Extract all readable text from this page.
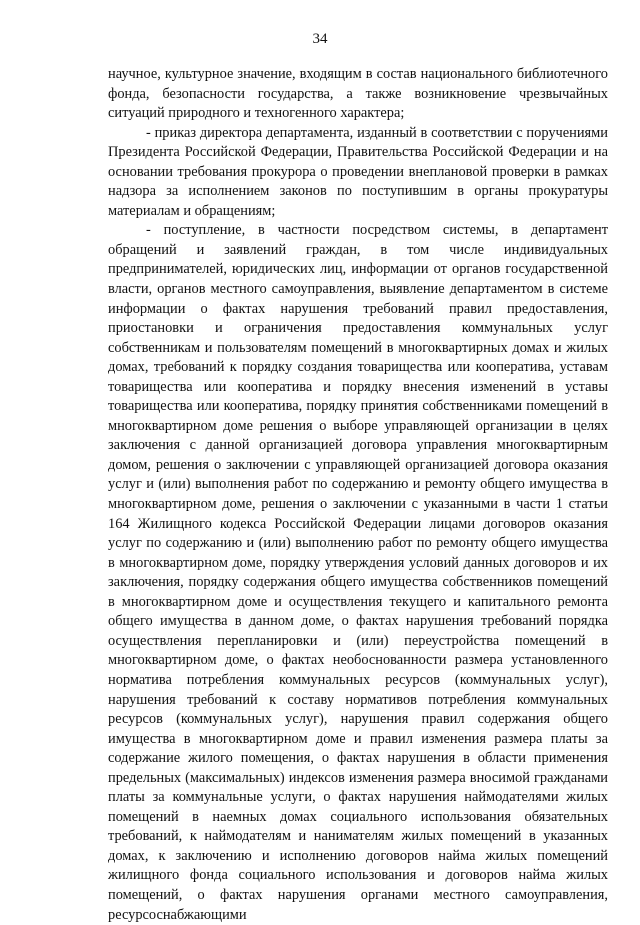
34

научное, культурное значение, входящим в состав национального библиотечного фонда, безопасности государства, а также возникновение чрезвычайных ситуаций природного и техногенного характера;

- приказ директора департамента, изданный в соответствии с поручениями Президента Российской Федерации, Правительства Российской Федерации и на основании требования прокурора о проведении внеплановой проверки в рамках надзора за исполнением законов по поступившим в органы прокуратуры материалам и обращениям;

- поступление, в частности посредством системы, в департамент обращений и заявлений граждан, в том числе индивидуальных предпринимателей, юридических лиц, информации от органов государственной власти, органов местного самоуправления, выявление департаментом в системе информации о фактах нарушения требований правил предоставления, приостановки и ограничения предоставления коммунальных услуг собственникам и пользователям помещений в многоквартирных домах и жилых домах, требований к порядку создания товарищества или кооператива, уставам товарищества или кооператива и порядку внесения изменений в уставы товарищества или кооператива, порядку принятия собственниками помещений в многоквартирном доме решения о выборе управляющей организации в целях заключения с данной организацией договора управления многоквартирным домом, решения о заключении с управляющей организацией договора оказания услуг и (или) выполнения работ по содержанию и ремонту общего имущества в многоквартирном доме, решения о заключении с указанными в части 1 статьи 164 Жилищного кодекса Российской Федерации лицами договоров оказания услуг по содержанию и (или) выполнению работ по ремонту общего имущества в многоквартирном доме, порядку утверждения условий данных договоров и их заключения, порядку содержания общего имущества собственников помещений в многоквартирном доме и осуществления текущего и капитального ремонта общего имущества в данном доме, о фактах нарушения требований порядка осуществления перепланировки и (или) переустройства помещений в многоквартирном доме, о фактах необоснованности размера установленного норматива потребления коммунальных ресурсов (коммунальных услуг), нарушения требований к составу нормативов потребления коммунальных ресурсов (коммунальных услуг), нарушения правил содержания общего имущества в многоквартирном доме и правил изменения размера платы за содержание жилого помещения, о фактах нарушения в области применения предельных (максимальных) индексов изменения размера вносимой гражданами платы за коммунальные услуги, о фактах нарушения наймодателями жилых помещений в наемных домах социального использования обязательных требований, к наймодателям и нанимателям жилых помещений в указанных домах, к заключению и исполнению договоров найма жилых помещений жилищного фонда социального использования и договоров найма жилых помещений, о фактах нарушения органами местного самоуправления, ресурсоснабжающими
